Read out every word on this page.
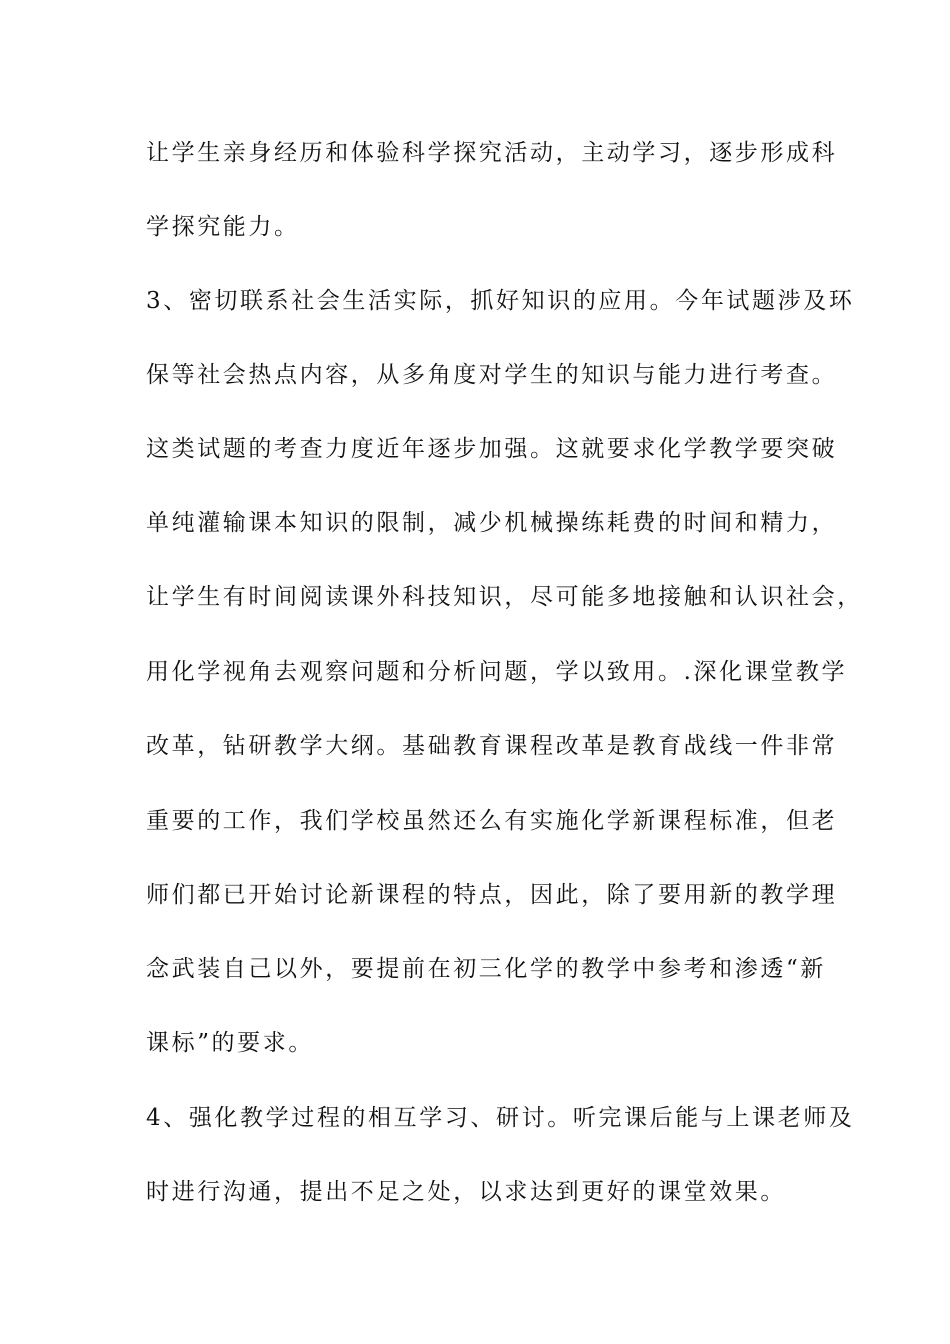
让学生亲身经历和体验科学探究活动，主动学习，逐步形成科
学探究能力。
3、密切联系社会生活实际，抓好知识的应用。今年试题涉及环
保等社会热点内容，从多角度对学生的知识与能力进行考查。
这类试题的考查力度近年逐步加强。这就要求化学教学要突破
单纯灌输课本知识的限制，减少机械操练耗费的时间和精力，
让学生有时间阅读课外科技知识，尽可能多地接触和认识社会，
用化学视角去观察问题和分析问题，学以致用。.深化课堂教学
改革，钻研教学大纲。基础教育课程改革是教育战线一件非常
重要的工作，我们学校虽然还么有实施化学新课程标准，但老
师们都已开始讨论新课程的特点，因此，除了要用新的教学理
念武装自己以外，要提前在初三化学的教学中参考和渗透“新
课标”的要求。
4、强化教学过程的相互学习、研讨。听完课后能与上课老师及
时进行沟通，提出不足之处，以求达到更好的课堂效果。
